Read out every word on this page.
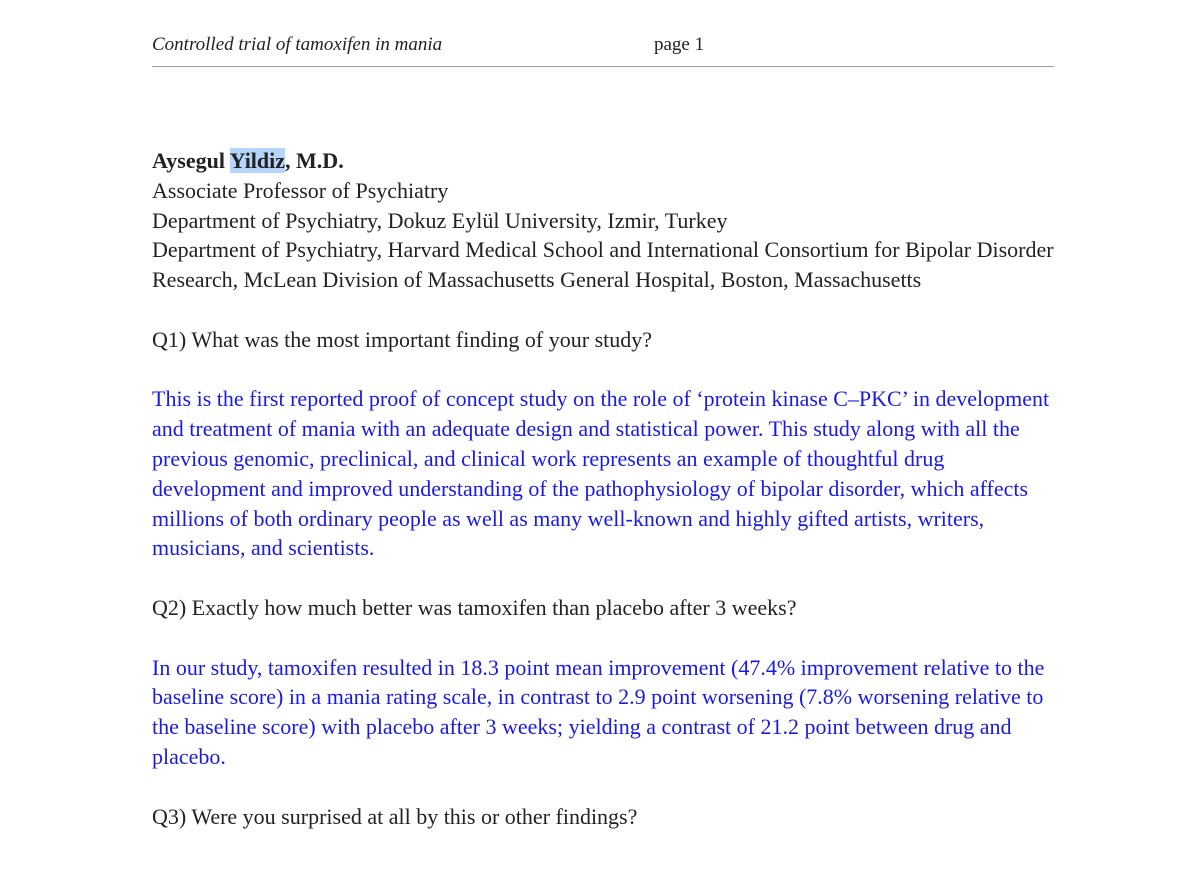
Controlled trial of tamoxifen in mania	page 1

Aysegul Yildiz, M.D.

Associate Professor of Psychiatry

Department of Psychiatry, Dokuz Eylül University, Izmir, Turkey

Department of Psychiatry, Harvard Medical School and International Consortium for Bipolar Disorder Research, McLean Division of Massachusetts General Hospital, Boston, Massachusetts

Q1) What was the most important finding of your study?

This is the first reported proof of concept study on the role of ‘protein kinase C–PKC’ in development and treatment of mania with an adequate design and statistical power. This study along with all the previous genomic, preclinical, and clinical work represents an example of thoughtful drug development and improved understanding of the pathophysiology of bipolar disorder, which affects millions of both ordinary people as well as many well-known and highly gifted artists, writers, musicians, and scientists.

Q2) Exactly how much better was tamoxifen than placebo after 3 weeks?

In our study, tamoxifen resulted in 18.3 point mean improvement (47.4% improvement relative to the baseline score) in a mania rating scale, in contrast to 2.9 point worsening (7.8% worsening relative to the baseline score) with placebo after 3 weeks; yielding a contrast of 21.2 point between drug and placebo.

Q3) Were you surprised at all by this or other findings?
